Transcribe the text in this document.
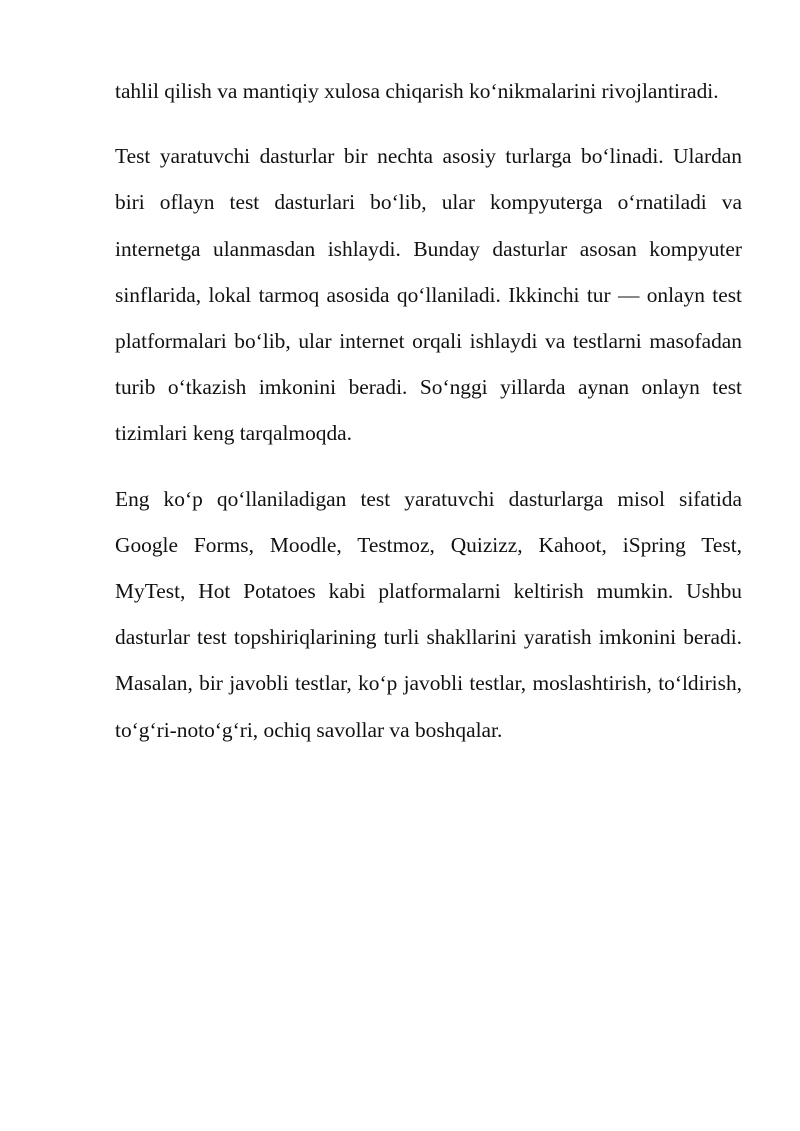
tahlil qilish va mantiqiy xulosa chiqarish ko‘nikmalarini rivojlantiradi.

Test yaratuvchi dasturlar bir nechta asosiy turlarga bo‘linadi. Ulardan biri oflayn test dasturlari bo‘lib, ular kompyuterga o‘rnatiladi va internetga ulanmasdan ishlaydi. Bunday dasturlar asosan kompyuter sinflarida, lokal tarmoq asosida qo‘llaniladi. Ikkinchi tur — onlayn test platformalari bo‘lib, ular internet orqali ishlaydi va testlarni masofadan turib o‘tkazish imkonini beradi. So‘nggi yillarda aynan onlayn test tizimlari keng tarqalmoqda.

Eng ko‘p qo‘llaniladigan test yaratuvchi dasturlarga misol sifatida Google Forms, Moodle, Testmoz, Quizizz, Kahoot, iSpring Test, MyTest, Hot Potatoes kabi platformalarni keltirish mumkin. Ushbu dasturlar test topshiriqlarining turli shakllarini yaratish imkonini beradi. Masalan, bir javobli testlar, ko‘p javobli testlar, moslashtirish, to‘ldirish, to‘g‘ri-noto‘g‘ri, ochiq savollar va boshqalar.
